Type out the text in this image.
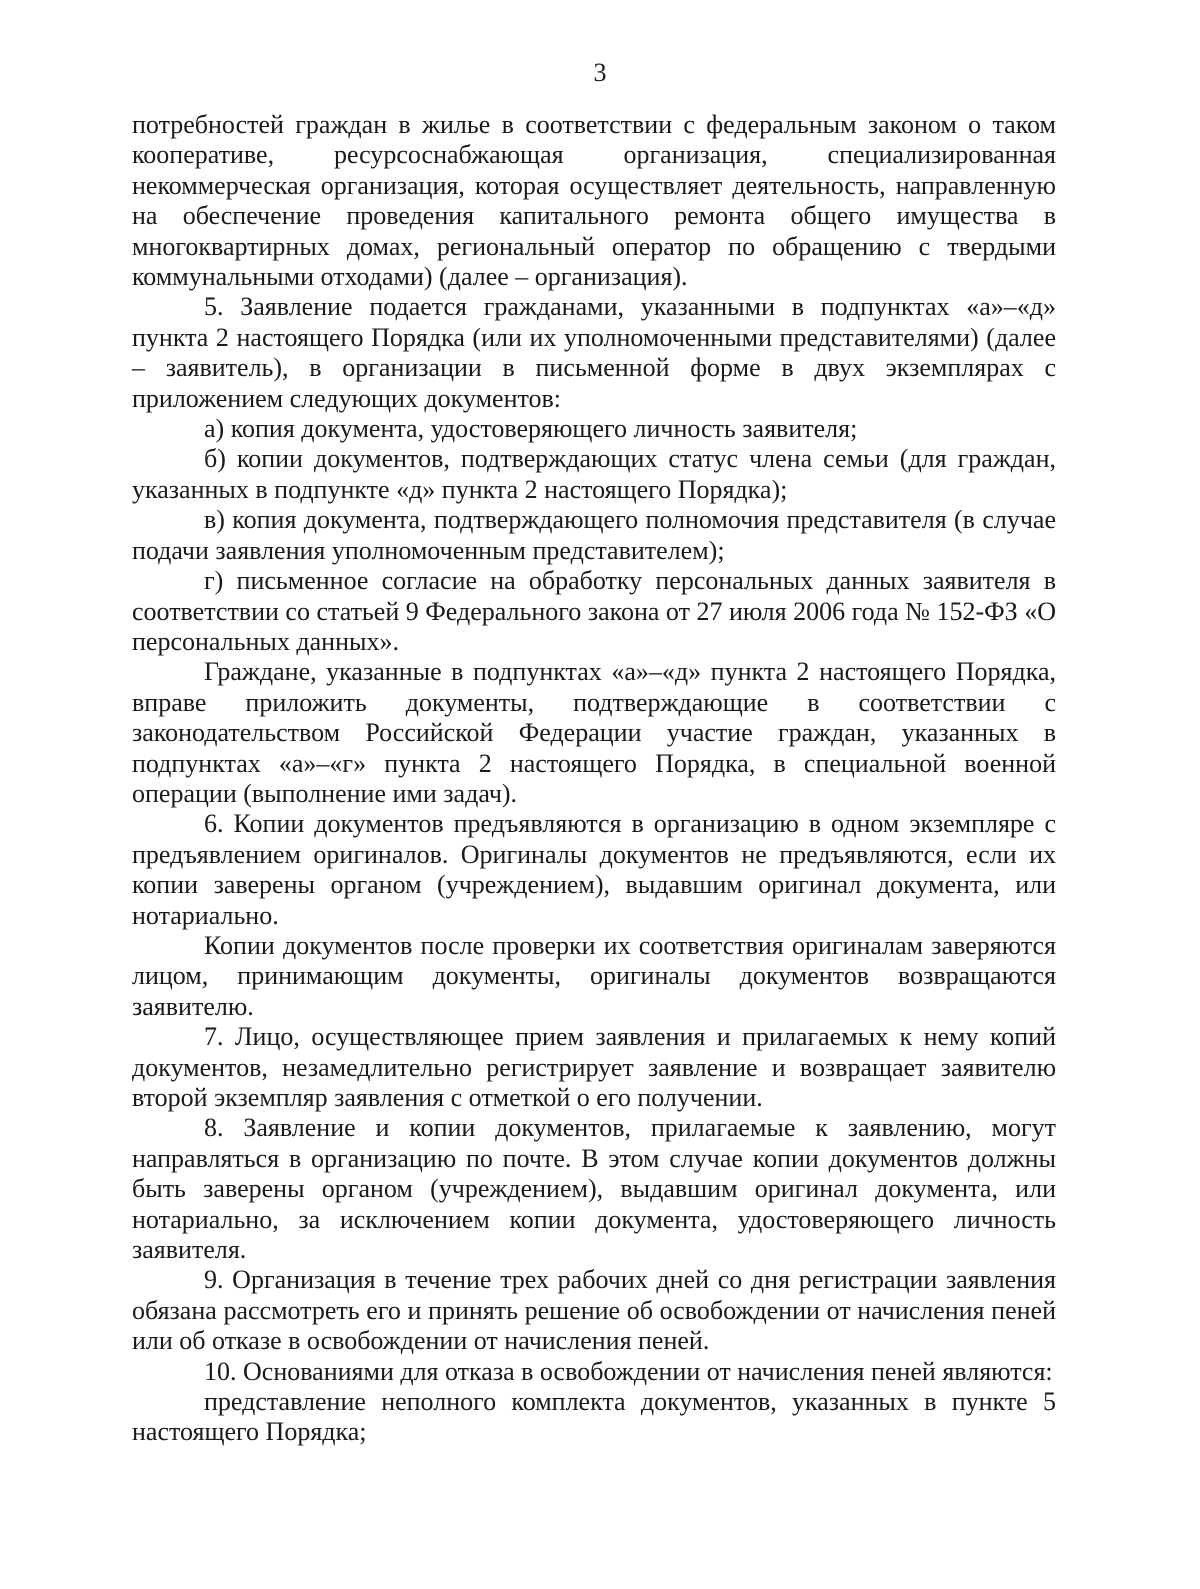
3

потребностей граждан в жилье в соответствии с федеральным законом о таком кооперативе, ресурсоснабжающая организация, специализированная некоммерческая организация, которая осуществляет деятельность, направленную на обеспечение проведения капитального ремонта общего имущества в многоквартирных домах, региональный оператор по обращению с твердыми коммунальными отходами) (далее – организация).

5. Заявление подается гражданами, указанными в подпунктах «а»–«д» пункта 2 настоящего Порядка (или их уполномоченными представителями) (далее – заявитель), в организации в письменной форме в двух экземплярах с приложением следующих документов:

а) копия документа, удостоверяющего личность заявителя;

б) копии документов, подтверждающих статус члена семьи (для граждан, указанных в подпункте «д» пункта 2 настоящего Порядка);

в) копия документа, подтверждающего полномочия представителя (в случае подачи заявления уполномоченным представителем);

г) письменное согласие на обработку персональных данных заявителя в соответствии со статьей 9 Федерального закона от 27 июля 2006 года № 152-ФЗ «О персональных данных».

Граждане, указанные в подпунктах «а»–«д» пункта 2 настоящего Порядка, вправе приложить документы, подтверждающие в соответствии с законодательством Российской Федерации участие граждан, указанных в подпунктах «а»–«г» пункта 2 настоящего Порядка, в специальной военной операции (выполнение ими задач).

6. Копии документов предъявляются в организацию в одном экземпляре с предъявлением оригиналов. Оригиналы документов не предъявляются, если их копии заверены органом (учреждением), выдавшим оригинал документа, или нотариально.

Копии документов после проверки их соответствия оригиналам заверяются лицом, принимающим документы, оригиналы документов возвращаются заявителю.

7. Лицо, осуществляющее прием заявления и прилагаемых к нему копий документов, незамедлительно регистрирует заявление и возвращает заявителю второй экземпляр заявления с отметкой о его получении.

8. Заявление и копии документов, прилагаемые к заявлению, могут направляться в организацию по почте. В этом случае копии документов должны быть заверены органом (учреждением), выдавшим оригинал документа, или нотариально, за исключением копии документа, удостоверяющего личность заявителя.

9. Организация в течение трех рабочих дней со дня регистрации заявления обязана рассмотреть его и принять решение об освобождении от начисления пеней или об отказе в освобождении от начисления пеней.

10. Основаниями для отказа в освобождении от начисления пеней являются:

представление неполного комплекта документов, указанных в пункте 5 настоящего Порядка;
